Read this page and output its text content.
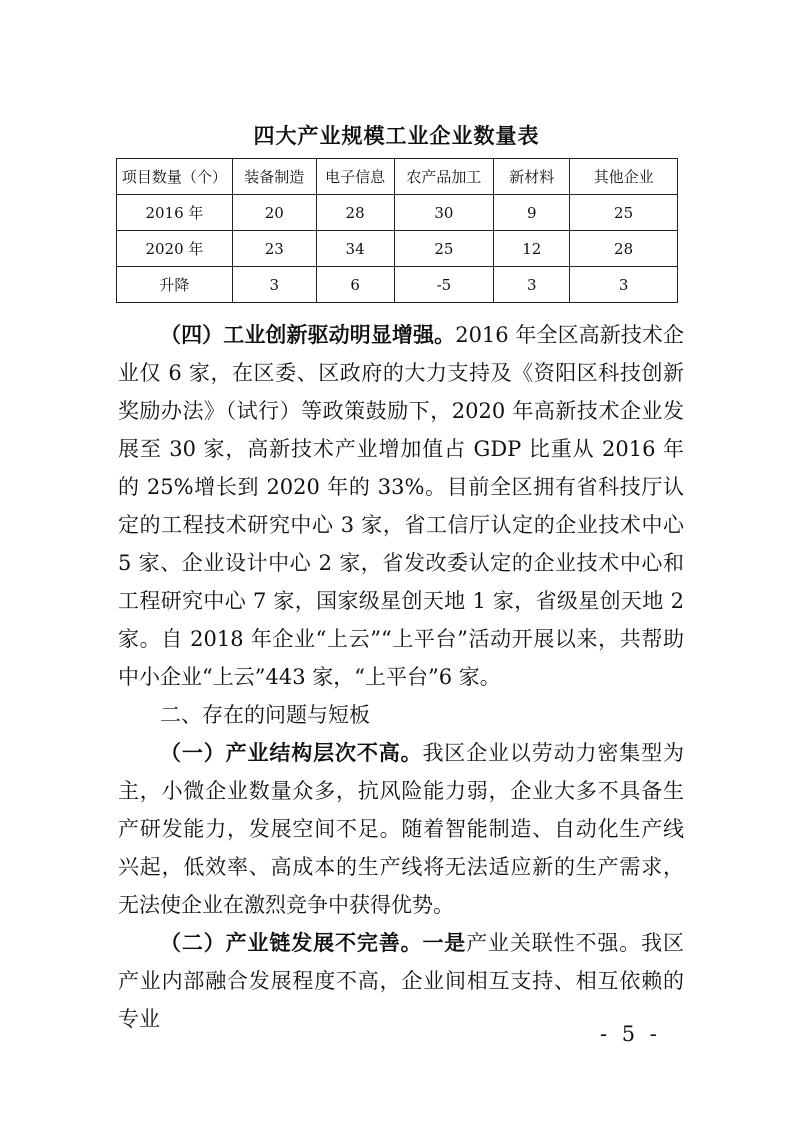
四大产业规模工业企业数量表
项目数量（个）	装备制造	电子信息	农产品加工	新材料	其他企业
2016 年	20	28	30	9	25
2020 年	23	34	25	12	28
升降	3	6	-5	3	3

（四）工业创新驱动明显增强。2016 年全区高新技术企业仅 6 家，在区委、区政府的大力支持及《资阳区科技创新奖励办法》（试行）等政策鼓励下，2020 年高新技术企业发展至 30 家，高新技术产业增加值占 GDP 比重从 2016 年的 25%增长到 2020 年的 33%。目前全区拥有省科技厅认定的工程技术研究中心 3 家，省工信厅认定的企业技术中心 5 家、企业设计中心 2 家，省发改委认定的企业技术中心和工程研究中心 7 家，国家级星创天地 1 家，省级星创天地 2 家。自 2018 年企业“上云”“上平台”活动开展以来，共帮助中小企业“上云”443 家，“上平台”6 家。

二、存在的问题与短板

（一）产业结构层次不高。我区企业以劳动力密集型为主，小微企业数量众多，抗风险能力弱，企业大多不具备生产研发能力，发展空间不足。随着智能制造、自动化生产线兴起，低效率、高成本的生产线将无法适应新的生产需求，无法使企业在激烈竞争中获得优势。

（二）产业链发展不完善。一是产业关联性不强。我区产业内部融合发展程度不高，企业间相互支持、相互依赖的专业

- 5 -
